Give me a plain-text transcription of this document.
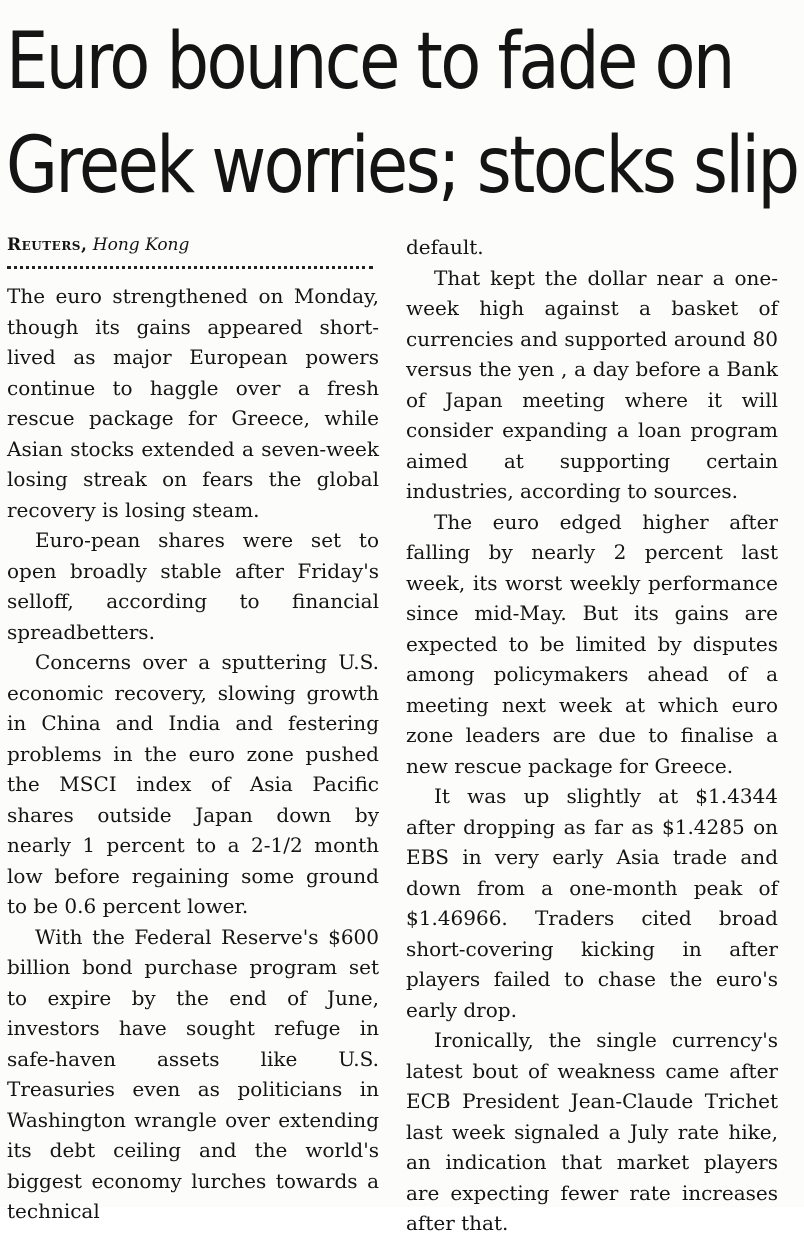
Euro bounce to fade on
Greek worries; stocks slip

Reuters, Hong Kong

The euro strengthened on Monday, though its gains appeared short-lived as major European powers continue to haggle over a fresh rescue package for Greece, while Asian stocks extended a seven-week losing streak on fears the global recovery is losing steam.

Euro-pean shares were set to open broadly stable after Friday's selloff, according to financial spreadbetters.

Concerns over a sputtering U.S. economic recovery, slowing growth in China and India and festering problems in the euro zone pushed the MSCI index of Asia Pacific shares outside Japan down by nearly 1 percent to a 2-1/2 month low before regaining some ground to be 0.6 percent lower.

With the Federal Reserve's $600 billion bond purchase program set to expire by the end of June, investors have sought refuge in safe-haven assets like U.S. Treasuries even as politicians in Washington wrangle over extending its debt ceiling and the world's biggest economy lurches towards a technical

default.

That kept the dollar near a one-week high against a basket of currencies and supported around 80 versus the yen , a day before a Bank of Japan meeting where it will consider expanding a loan program aimed at supporting certain industries, according to sources.

The euro edged higher after falling by nearly 2 percent last week, its worst weekly performance since mid-May. But its gains are expected to be limited by disputes among policymakers ahead of a meeting next week at which euro zone leaders are due to finalise a new rescue package for Greece.

It was up slightly at $1.4344 after dropping as far as $1.4285 on EBS in very early Asia trade and down from a one-month peak of $1.46966. Traders cited broad short-covering kicking in after players failed to chase the euro's early drop.

Ironically, the single currency's latest bout of weakness came after ECB President Jean-Claude Trichet last week signaled a July rate hike, an indication that market players are expecting fewer rate increases after that.
